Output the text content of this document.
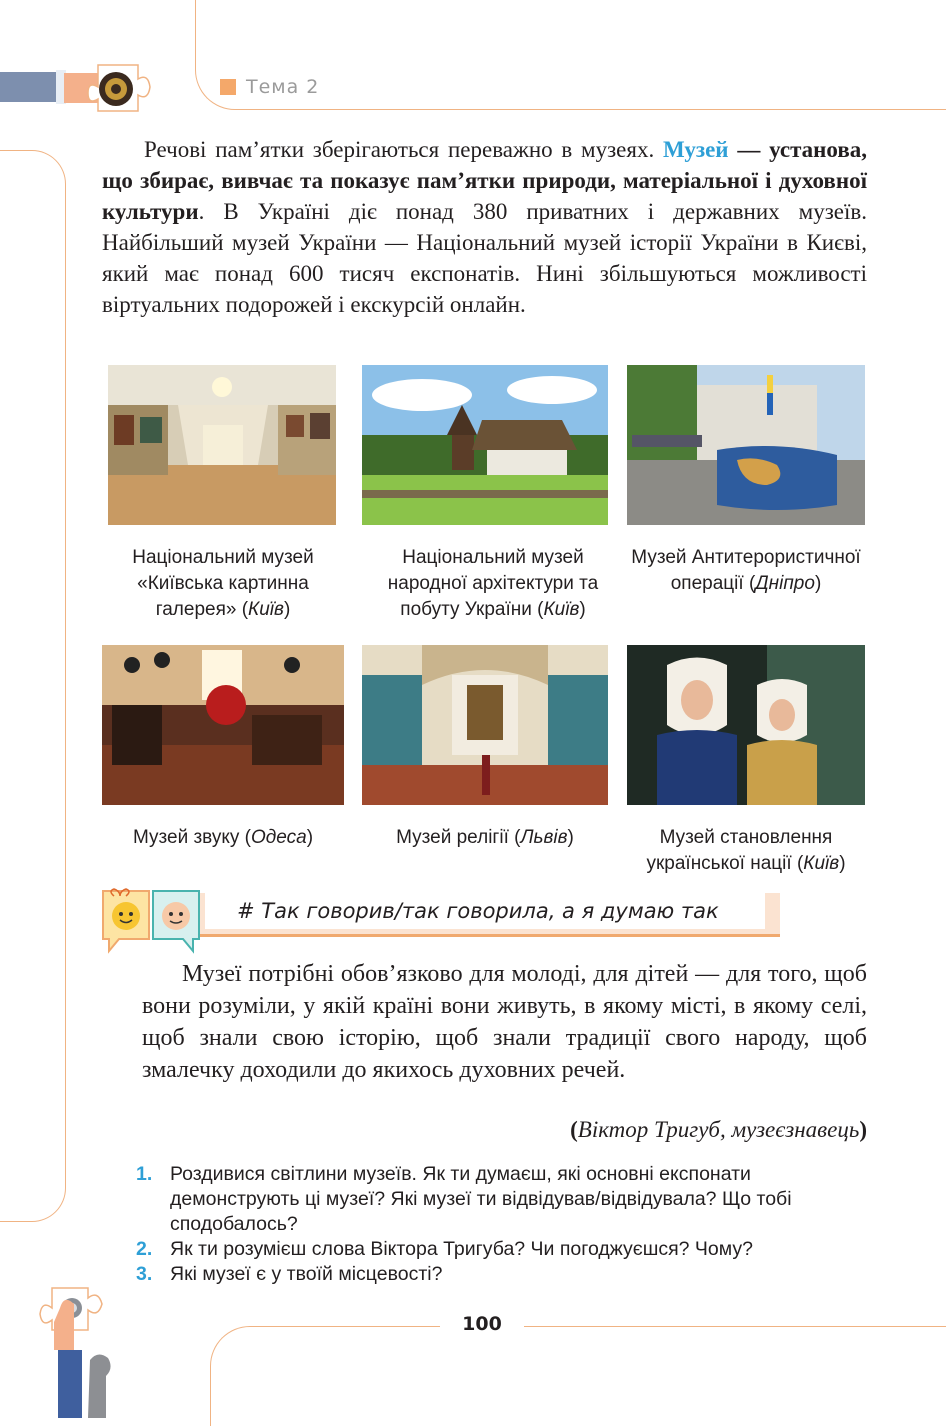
Тема 2

Речові пам’ятки зберігаються переважно в музеях. Музей — установа, що збирає, вивчає та показує пам’ятки природи, матеріальної і духовної культури. В Україні діє понад 380 приватних і державних музеїв. Найбільший музей України — Національний музей історії України в Києві, який має понад 600 тисяч експонатів. Нині збільшуються можливості віртуальних подорожей і екскурсій онлайн.

Національний музей «Київська картинна галерея» (Київ)
Національний музей народної архітектури та побуту України (Київ)
Музей Антитерористичної операції (Дніпро)
Музей звуку (Одеса)	Музей релігії (Львів)	Музей становлення української нації (Київ)
# Так говорив/так говорила, а я думаю так

Музеї потрібні обов’язково для молоді, для дітей — для того, щоб вони розуміли, у якій країні вони живуть, в якому місті, в якому селі, щоб знали свою історію, щоб знали традиції свого народу, щоб змалечку доходили до якихось духовних речей.

(Віктор Тригуб, музеєзнавець)
1. Роздивися світлини музеїв. Як ти думаєш, які основні експонати демонструють ці музеї? Які музеї ти відвідував/відвідувала? Що тобі сподобалось?
2. Як ти розумієш слова Віктора Тригуба? Чи погоджуєшся? Чому?
3. Які музеї є у твоїй місцевості?
100
